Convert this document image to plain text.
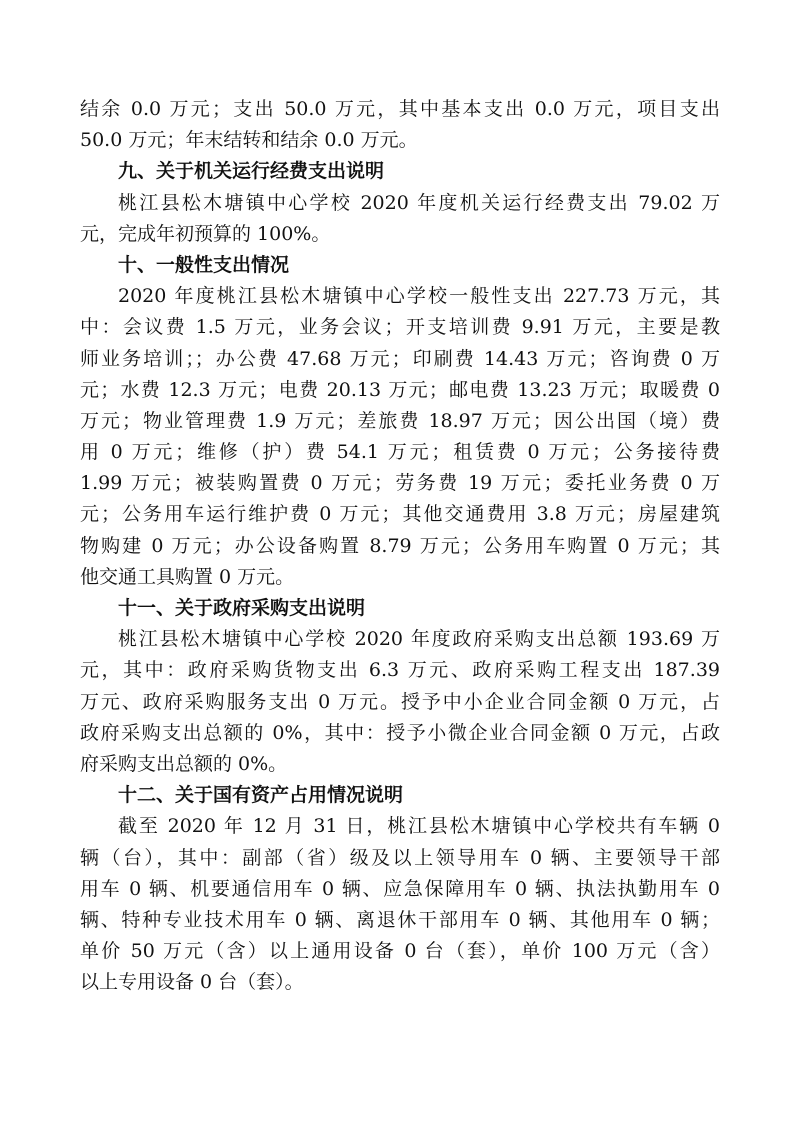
结余 0.0 万元；支出 50.0 万元，其中基本支出 0.0 万元，项目支出
50.0 万元；年末结转和结余 0.0 万元。
九、关于机关运行经费支出说明
桃江县松木塘镇中心学校 2020 年度机关运行经费支出 79.02 万
元，完成年初预算的 100%。
十、一般性支出情况
2020 年度桃江县松木塘镇中心学校一般性支出 227.73 万元，其
中：会议费 1.5 万元，业务会议；开支培训费 9.91 万元，主要是教
师业务培训；；办公费 47.68 万元；印刷费 14.43 万元；咨询费 0 万
元；水费 12.3 万元；电费 20.13 万元；邮电费 13.23 万元；取暖费 0
万元；物业管理费 1.9 万元；差旅费 18.97 万元；因公出国（境）费
用 0 万元；维修（护）费 54.1 万元；租赁费 0 万元；公务接待费
1.99 万元；被装购置费 0 万元；劳务费 19 万元；委托业务费 0 万
元；公务用车运行维护费 0 万元；其他交通费用 3.8 万元；房屋建筑
物购建 0 万元；办公设备购置 8.79 万元；公务用车购置 0 万元；其
他交通工具购置 0 万元。
十一、关于政府采购支出说明
桃江县松木塘镇中心学校 2020 年度政府采购支出总额 193.69 万
元，其中：政府采购货物支出 6.3 万元、政府采购工程支出 187.39
万元、政府采购服务支出 0 万元。授予中小企业合同金额 0 万元，占
政府采购支出总额的 0%，其中：授予小微企业合同金额 0 万元，占政
府采购支出总额的 0%。
十二、关于国有资产占用情况说明
截至 2020 年 12 月 31 日，桃江县松木塘镇中心学校共有车辆 0
辆（台），其中：副部（省）级及以上领导用车 0 辆、主要领导干部
用车 0 辆、机要通信用车 0 辆、应急保障用车 0 辆、执法执勤用车 0
辆、特种专业技术用车 0 辆、离退休干部用车 0 辆、其他用车 0 辆；
单价 50 万元（含）以上通用设备 0 台（套），单价 100 万元（含）
以上专用设备 0 台（套）。
